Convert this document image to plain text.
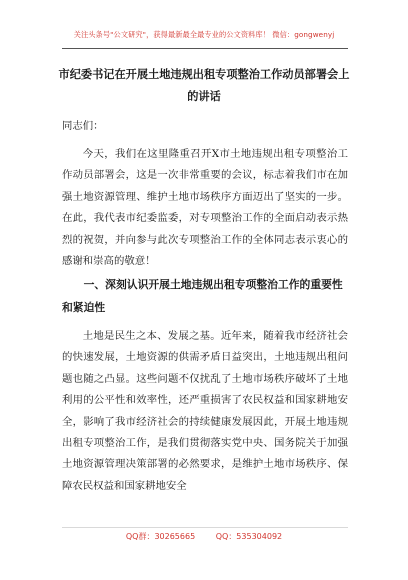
关注头条号"公文研究"，获得最新最全最专业的公文资料库！ 微信：gongwenyj
市纪委书记在开展土地违规出租专项整治工作动员部署会上的讲话
同志们：
今天，我们在这里隆重召开X市土地违规出租专项整治工作动员部署会，这是一次非常重要的会议，标志着我们市在加强土地资源管理、维护土地市场秩序方面迈出了坚实的一步。在此，我代表市纪委监委，对专项整治工作的全面启动表示热烈的祝贺，并向参与此次专项整治工作的全体同志表示衷心的感谢和崇高的敬意！
一、深刻认识开展土地违规出租专项整治工作的重要性和紧迫性
土地是民生之本、发展之基。近年来，随着我市经济社会的快速发展，土地资源的供需矛盾日益突出，土地违规出租问题也随之凸显。这些问题不仅扰乱了土地市场秩序破坏了土地利用的公平性和效率性，还严重损害了农民权益和国家耕地安全，影响了我市经济社会的持续健康发展因此，开展土地违规出租专项整治工作，是我们贯彻落实党中央、国务院关于加强土地资源管理决策部署的必然要求，是维护土地市场秩序、保障农民权益和国家耕地安全
QQ群：30265665	QQ：535304092
